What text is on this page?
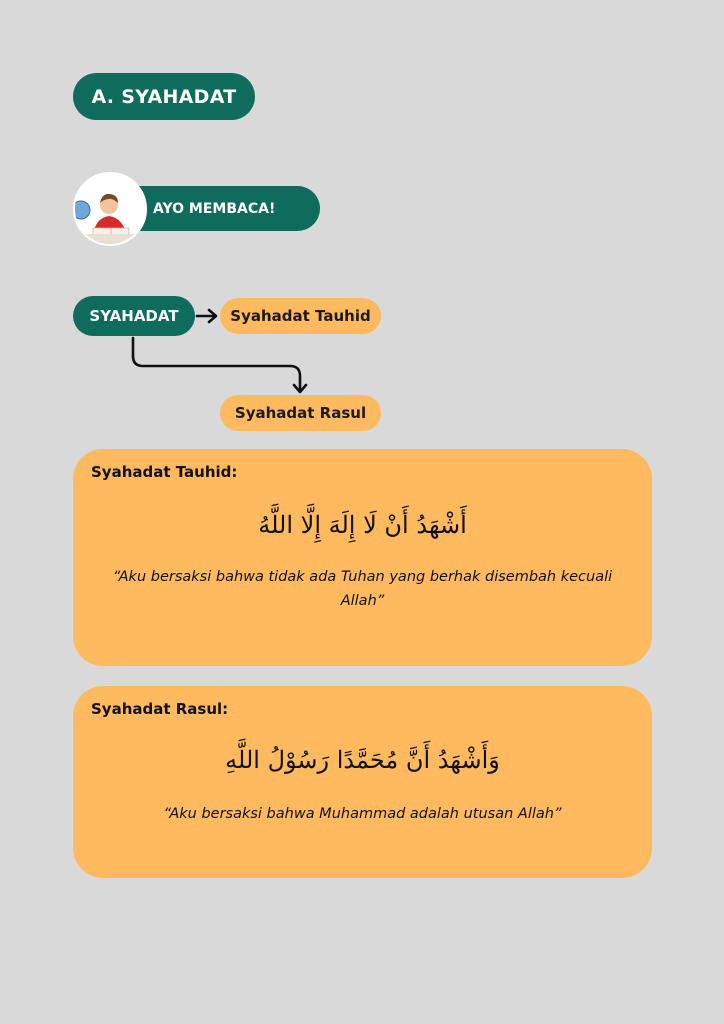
A. SYAHADAT
AYO MEMBACA!
SYAHADAT	Syahadat Tauhid
Syahadat Rasul

Syahadat Tauhid:

أَشْهَدُ أَنْ لَا إِلَهَ إِلَّا اللَّهُ
“Aku bersaksi bahwa tidak ada Tuhan yang berhak disembah kecuali Allah”

Syahadat Rasul:

وَأَشْهَدُ أَنَّ مُحَمَّدًا رَسُوْلُ اللَّهِ
“Aku bersaksi bahwa Muhammad adalah utusan Allah”
